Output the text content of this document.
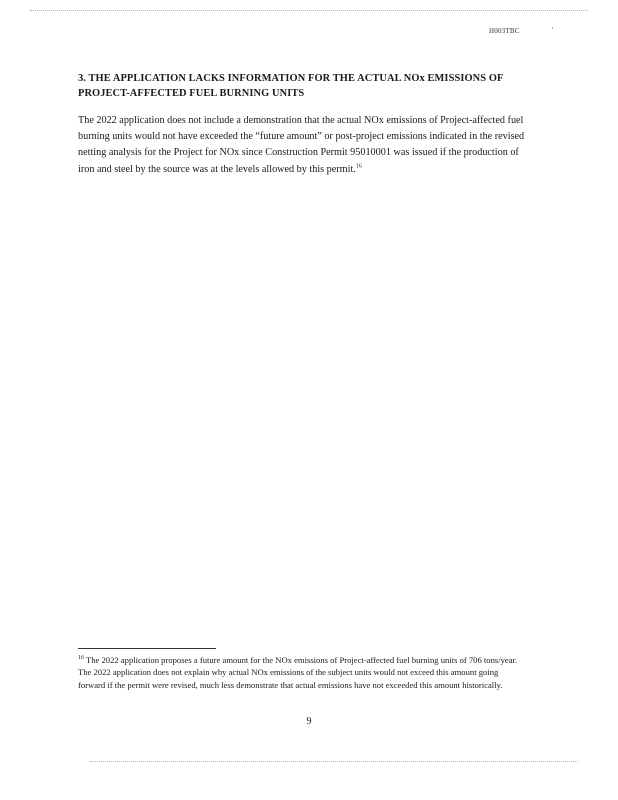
H003TBC	'
3. THE APPLICATION LACKS INFORMATION FOR THE ACTUAL NOx EMISSIONS OF PROJECT-AFFECTED FUEL BURNING UNITS

The 2022 application does not include a demonstration that the actual NOx emissions of Project-affected fuel burning units would not have exceeded the “future amount” or post-project emissions indicated in the revised netting analysis for the Project for NOx since Construction Permit 95010001 was issued if the production of iron and steel by the source was at the levels allowed by this permit.$^{16}$

$^{16}$ The 2022 application proposes a future amount for the NOx emissions of Project-affected fuel burning units of 706 tons/year. The 2022 application does not explain why actual NOx emissions of the subject units would not exceed this amount going forward if the permit were revised, much less demonstrate that actual emissions have not exceeded this amount historically.

9
